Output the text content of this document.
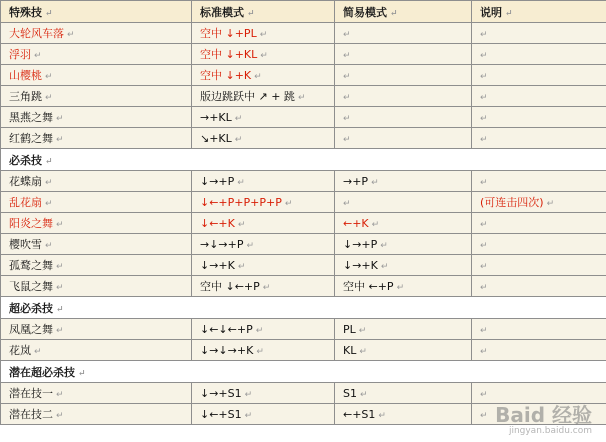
特殊技 ↵	标准模式 ↵	简易模式 ↵	说明 ↵
大轮风车落 ↵	空中 ↓+PL ↵	↵	↵
浮羽 ↵	空中 ↓+KL ↵	↵	↵
山樱桃 ↵	空中 ↓+K ↵	↵	↵
三角跳 ↵	版边跳跃中 ↗ + 跳 ↵	↵	↵
黑燕之舞 ↵	→+KL ↵	↵	↵
红鹤之舞 ↵	↘+KL ↵	↵	↵
必杀技 ↵			
花蝶扇 ↵	↓→+P ↵	→+P ↵	↵
乱花扇 ↵	↓←+P+P+P+P ↵	↵	(可连击四次) ↵
阳炎之舞 ↵	↓←+K ↵	←+K ↵	↵
樱吹雪 ↵	→↓→+P ↵	↓→+P ↵	↵
孤鹜之舞 ↵	↓→+K ↵	↓→+K ↵	↵
飞鼠之舞 ↵	空中 ↓←+P ↵	空中 ←+P ↵	↵
超必杀技 ↵			
凤凰之舞 ↵	↓←↓←+P ↵	PL ↵	↵
花岚 ↵	↓→↓→+K ↵	KL ↵	↵
潜在超必杀技 ↵			
潜在技一 ↵	↓→+S1 ↵	S1 ↵	↵
潜在技二 ↵	↓←+S1 ↵	←+S1 ↵	↵ Baid 经验
jingyan.baidu.com
